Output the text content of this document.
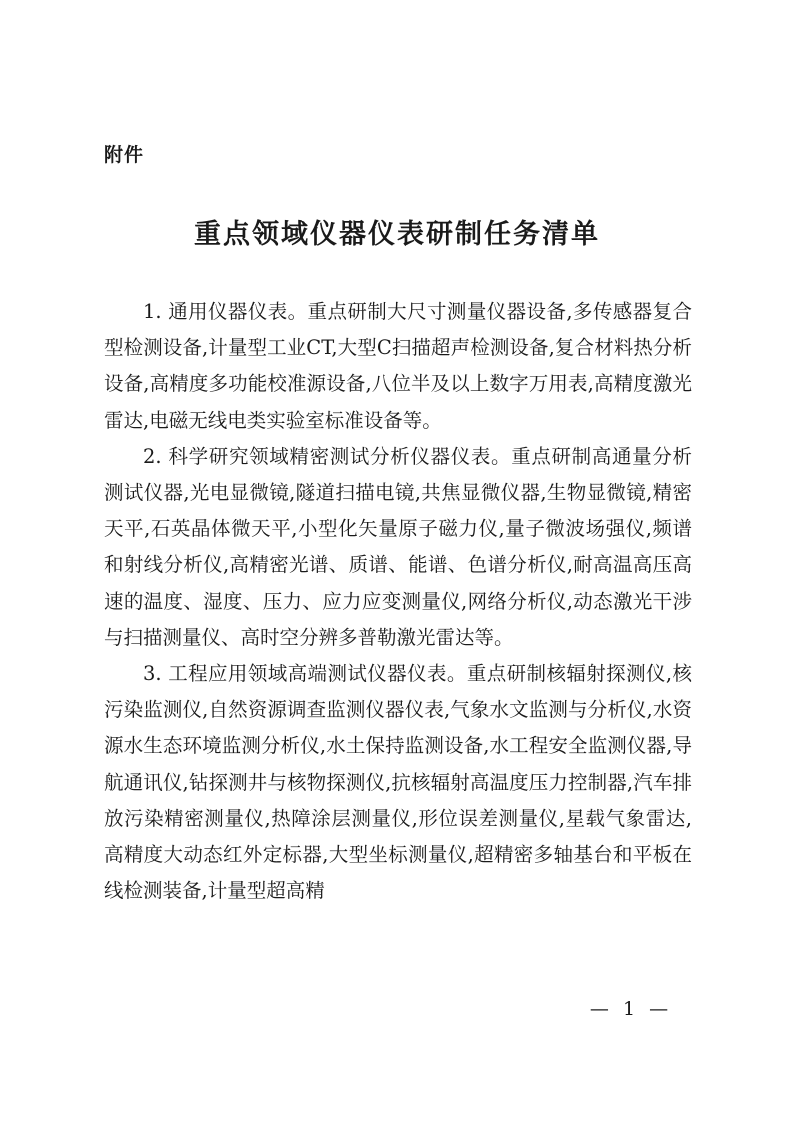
附件
重点领域仪器仪表研制任务清单

1. 通用仪器仪表。重点研制大尺寸测量仪器设备,多传感器复合型检测设备,计量型工业CT,大型C扫描超声检测设备,复合材料热分析设备,高精度多功能校准源设备,八位半及以上数字万用表,高精度激光雷达,电磁无线电类实验室标准设备等。

2. 科学研究领域精密测试分析仪器仪表。重点研制高通量分析测试仪器,光电显微镜,隧道扫描电镜,共焦显微仪器,生物显微镜,精密天平,石英晶体微天平,小型化矢量原子磁力仪,量子微波场强仪,频谱和射线分析仪,高精密光谱、质谱、能谱、色谱分析仪,耐高温高压高速的温度、湿度、压力、应力应变测量仪,网络分析仪,动态激光干涉与扫描测量仪、高时空分辨多普勒激光雷达等。

3. 工程应用领域高端测试仪器仪表。重点研制核辐射探测仪,核污染监测仪,自然资源调查监测仪器仪表,气象水文监测与分析仪,水资源水生态环境监测分析仪,水土保持监测设备,水工程安全监测仪器,导航通讯仪,钻探测井与核物探测仪,抗核辐射高温度压力控制器,汽车排放污染精密测量仪,热障涂层测量仪,形位误差测量仪,星载气象雷达,高精度大动态红外定标器,大型坐标测量仪,超精密多轴基台和平板在线检测装备,计量型超高精

— 1 —
